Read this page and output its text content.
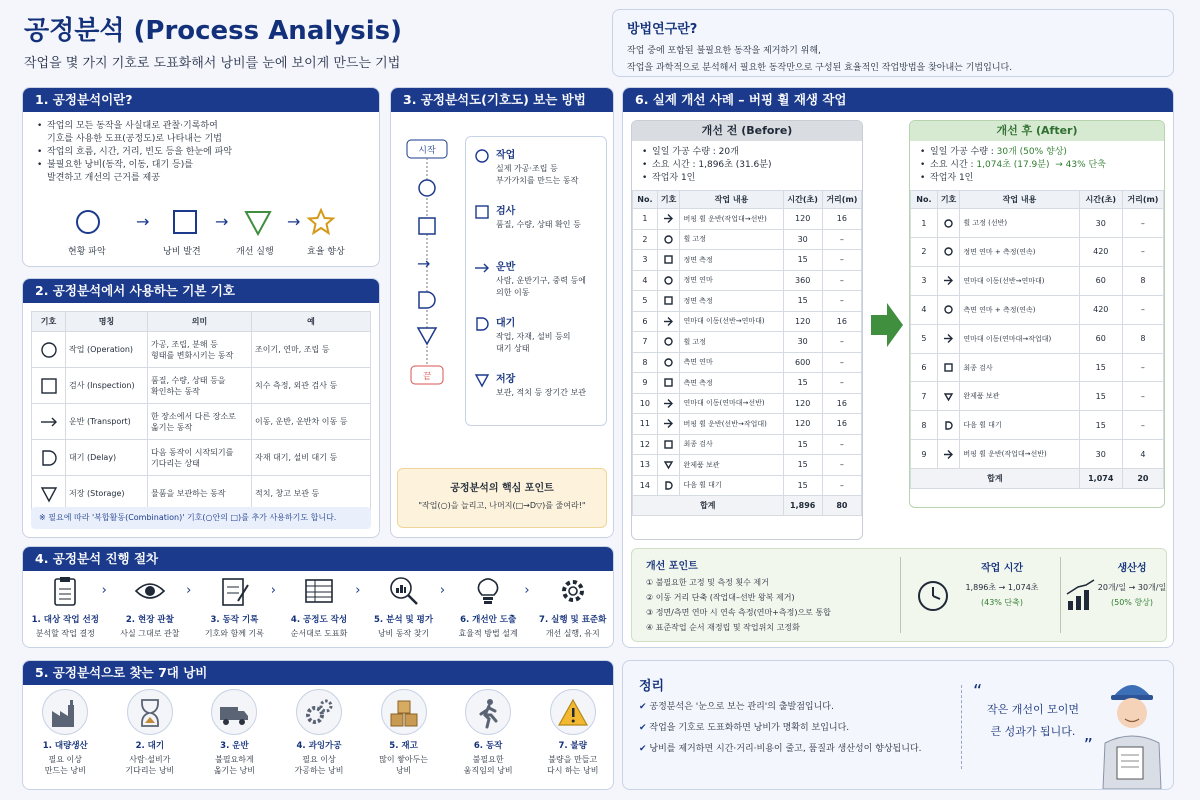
공정분석 (Process Analysis)
작업을 몇 가지 기호로 도표화해서 낭비를 눈에 보이게 만드는 기법
방법연구란?
작업 중에 포함된 불필요한 동작을 제거하기 위해,
작업을 과학적으로 분석해서 필요한 동작만으로 구성된 효율적인 작업방법을 찾아내는 기법입니다.
1. 공정분석이란?
• 작업의 모든 동작을 사실대로 관찰·기록하여
기호를 사용한 도표(공정도)로 나타내는 기법
• 작업의 흐름, 시간, 거리, 빈도 등을 한눈에 파악
• 불필요한 낭비(동작, 이동, 대기 등)를
발견하고 개선의 근거를 제공
→	→	→
현황 파악	낭비 발견	개선 실행	효율 향상
2. 공정분석에서 사용하는 기본 기호
기호	명칭	의미	예
	작업 (Operation)	가공, 조립, 분해 등
형태를 변화시키는 동작	조이기, 연마, 조립 등
	검사 (Inspection)	품질, 수량, 상태 등을
확인하는 동작	치수 측정, 외관 검사 등
	운반 (Transport)	한 장소에서 다른 장소로
옮기는 동작	이동, 운반, 운반차 이동 등
	대기 (Delay)	다음 동작이 시작되기를
기다리는 상태	자재 대기, 설비 대기 등
	저장 (Storage)	물품을 보관하는 동작	적치, 창고 보관 등
※ 필요에 따라 '복합활동(Combination)' 기호(○안의 □)를 추가 사용하기도 합니다.
3. 공정분석도(기호도) 보는 방법
시작
→
끝
작업
실제 가공·조립 등
부가가치를 만드는 동작
검사
품질, 수량, 상태 확인 등

운반
사람, 운반기구, 중력 등에
의한 이동
대기
작업, 자재, 설비 등의
대기 상태
저장
보관, 적치 등 장기간 보관

공정분석의 핵심 포인트
"작업(○)을 늘리고, 나머지(□→D▽)를 줄여라!"
6. 실제 개선 사례 – 버핑 휠 재생 작업
개선 전 (Before)
• 일일 가공 수량 : 20개
• 소요 시간 : 1,896초 (31.6분)
• 작업자 1인
No.	기호	작업 내용	시간(초)	거리(m)
1		버핑 휠 운반(작업대→선반)	120	16
2		휠 고정	30	–
3		정면 측정	15	–
4		정면 연마	360	–
5		정면 측정	15	–
6		연마대 이동(선반→연마대)	120	16
7		휠 고정	30	–
8		측면 연마	600	–
9		측면 측정	15	–
10		연마대 이동(연마대→선반)	120	16
11		버핑 휠 운반(선반→작업대)	120	16
12		최종 검사	15	–
13		완제품 보관	15	–
14		다음 휠 대기	15	–
합계			1,896	80
개선 후 (After)
• 일일 가공 수량 : 30개 (50% 향상)
• 소요 시간 : 1,074초 (17.9분) → 43% 단축
• 작업자 1인
No.	기호	작업 내용	시간(초)	거리(m)
1		휠 고정 (선반)	30	–
2		정면 연마 + 측정(연속)	420	–
3		연마대 이동(선반→연마대)	60	8
4		측면 연마 + 측정(연속)	420	–
5		연마대 이동(연마대→작업대)	60	8
6		최종 검사	15	–
7		완제품 보관	15	–
8		다음 휠 대기	15	–
9		버핑 휠 운반(작업대→선반)	30	4
합계			1,074	20
개선 포인트
① 불필요한 고정 및 측정 횟수 제거
② 이동 거리 단축 (작업대–선반 왕복 제거)
③ 정면/측면 연마 시 연속 측정(연마+측정)으로 통합
④ 표준작업 순서 재정립 및 작업위치 고정화
작업 시간
1,896초 → 1,074초
(43% 단축)
생산성
20개/일 → 30개/일
(50% 향상)
4. 공정분석 진행 절차
1. 대상 작업 선정
분석할 작업 결정
›
2. 현장 관찰
사실 그대로 관찰
›
3. 동작 기록
기호와 함께 기록
›
4. 공정도 작성
순서대로 도표화
›
5. 분석 및 평가
낭비 동작 찾기
›
6. 개선안 도출
효율적 방법 설계
›
7. 실행 및 표준화
개선 실행, 유지
5. 공정분석으로 찾는 7대 낭비
1. 대량생산
필요 이상
만드는 낭비
2. 대기
사람·설비가
기다리는 낭비
3. 운반
불필요하게
옮기는 낭비
4. 과잉가공
필요 이상
가공하는 낭비
5. 재고
많이 쌓아두는
낭비
6. 동작
불필요한
움직임의 낭비
7. 불량
불량을 만들고
다시 하는 낭비
정리
✔ 공정분석은 '눈으로 보는 관리'의 출발점입니다.
✔ 작업을 기호로 도표화하면 낭비가 명확히 보입니다.
✔ 낭비를 제거하면 시간·거리·비용이 줄고, 품질과 생산성이 향상됩니다.
“
작은 개선이 모이면
큰 성과가 됩니다.
”
